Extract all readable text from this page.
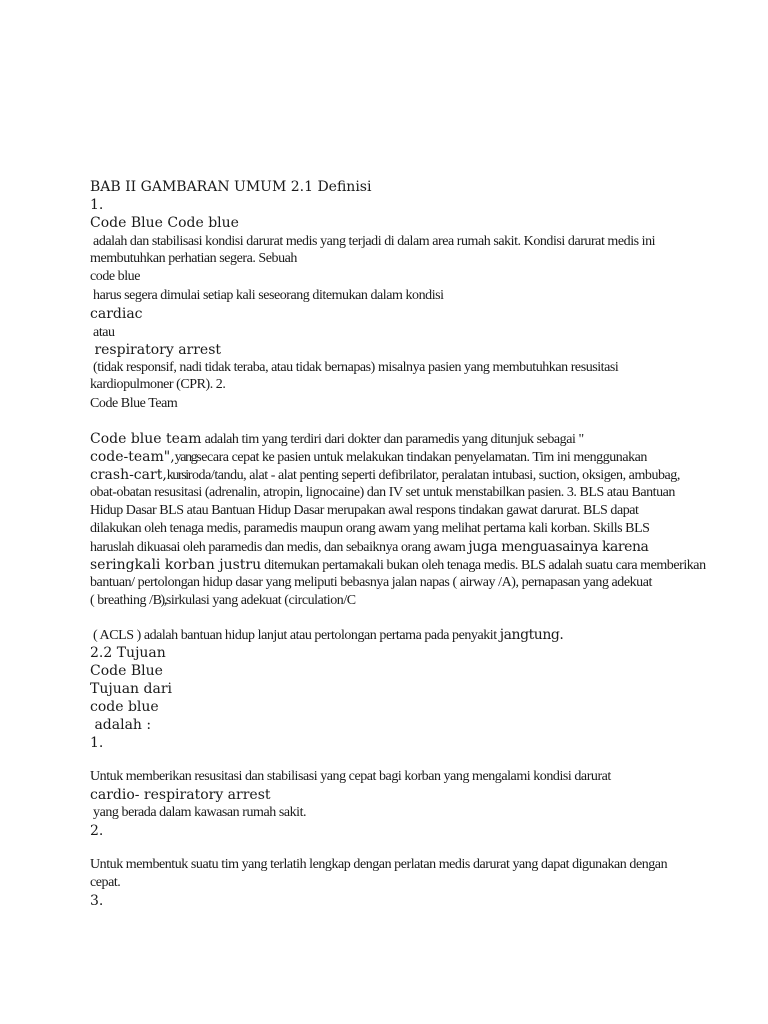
BAB II GAMBARAN UMUM 2.1 Definisi
1.
Code Blue Code blue
adalah dan stabilisasi kondisi darurat medis yang terjadi di dalam area rumah sakit. Kondisi darurat medis ini
membutuhkan perhatian segera. Sebuah
code blue
harus segera dimulai setiap kali seseorang ditemukan dalam kondisi
cardiac
atau
respiratory arrest
(tidak responsif, nadi tidak teraba, atau tidak bernapas) misalnya pasien yang membutuhkan resusitasi
kardiopulmoner (CPR). 2.
Code Blue Team
Code blue team adalah tim yang terdiri dari dokter dan paramedis yang ditunjuk sebagai "
code-team",yangsecara cepat ke pasien untuk melakukan tindakan penyelamatan. Tim ini menggunakan
crash-cart,kursiroda/tandu, alat - alat penting seperti defibrilator, peralatan intubasi, suction, oksigen, ambubag,
obat-obatan resusitasi (adrenalin, atropin, lignocaine) dan IV set untuk menstabilkan pasien. 3. BLS atau Bantuan
Hidup Dasar BLS atau Bantuan Hidup Dasar merupakan awal respons tindakan gawat darurat. BLS dapat
dilakukan oleh tenaga medis, paramedis maupun orang awam yang melihat pertama kali korban. Skills BLS
haruslah dikuasai oleh paramedis dan medis, dan sebaiknya orang awam juga menguasainya karena
seringkali korban justru ditemukan pertamakali bukan oleh tenaga medis. BLS adalah suatu cara memberikan
bantuan/ pertolongan hidup dasar yang meliputi bebasnya jalan napas ( airway /A), pernapasan yang adekuat
( breathing /B),sirkulasi yang adekuat (circulation/C
( ACLS ) adalah bantuan hidup lanjut atau pertolongan pertama pada penyakit jangtung.
2.2 Tujuan
Code Blue
Tujuan dari
code blue
adalah :
1.
Untuk memberikan resusitasi dan stabilisasi yang cepat bagi korban yang mengalami kondisi darurat
cardio- respiratory arrest
yang berada dalam kawasan rumah sakit.
2.
Untuk membentuk suatu tim yang terlatih lengkap dengan perlatan medis darurat yang dapat digunakan dengan
cepat.
3.
